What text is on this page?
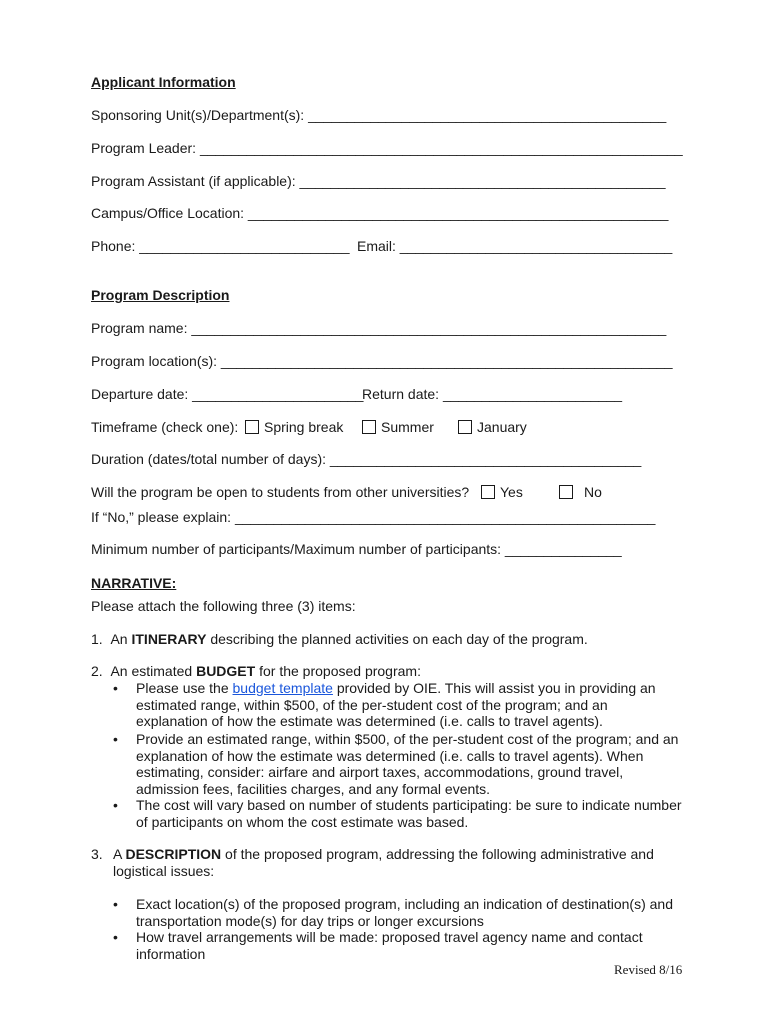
Applicant Information
Sponsoring Unit(s)/Department(s): ______________________________________________
Program Leader: ______________________________________________________________
Program Assistant (if applicable): _______________________________________________
Campus/Office Location: ______________________________________________________
Phone: ___________________________ Email: ___________________________________
Program Description
Program name: _____________________________________________________________
Program location(s): __________________________________________________________
Departure date: ______________________
Return date: _______________________
Timeframe (check one):	Spring break	Summer	January
Duration (dates/total number of days): ________________________________________
Will the program be open to students from other universities?	Yes	No
If “No,” please explain: ______________________________________________________
Minimum number of participants/Maximum number of participants: _______________
NARRATIVE:
Please attach the following three (3) items:
1. An ITINERARY describing the planned activities on each day of the program.
2. An estimated BUDGET for the proposed program:
• Please use the budget template provided by OIE. This will assist you in providing an estimated range, within $500, of the per-student cost of the program; and an explanation of how the estimate was determined (i.e. calls to travel agents).
• Provide an estimated range, within $500, of the per-student cost of the program; and an explanation of how the estimate was determined (i.e. calls to travel agents). When estimating, consider: airfare and airport taxes, accommodations, ground travel, admission fees, facilities charges, and any formal events.
• The cost will vary based on number of students participating: be sure to indicate number of participants on whom the cost estimate was based.
3. A DESCRIPTION of the proposed program, addressing the following administrative and logistical issues:
• Exact location(s) of the proposed program, including an indication of destination(s) and transportation mode(s) for day trips or longer excursions
• How travel arrangements will be made: proposed travel agency name and contact information
Revised 8/16
